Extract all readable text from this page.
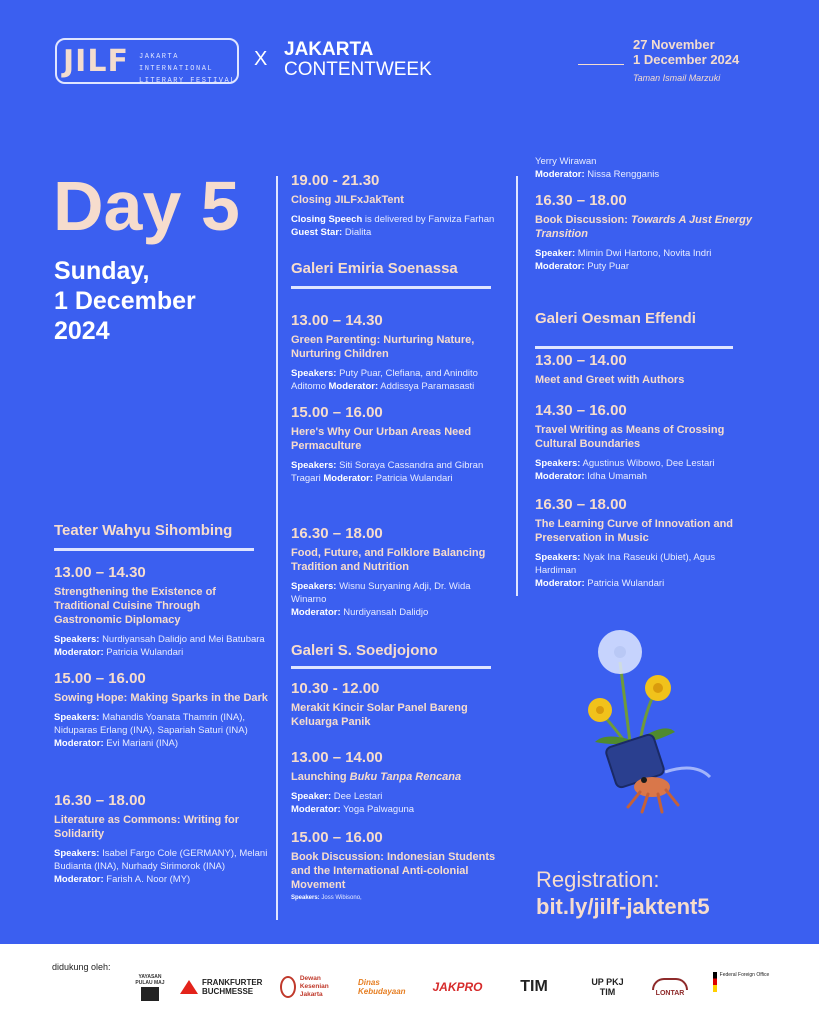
JILF JAKARTA INTERNATIONAL
LITERARY FESTIVAL
X JAKARTA
CONTENTWEEK
27 November
1 December 2024
Taman Ismail Marzuki
Day 5
Sunday,
1 December
2024
Teater Wahyu Sihombing
13.00 – 14.30
Strengthening the Existence of Traditional Cuisine Through Gastronomic Diplomacy
Speakers: Nurdiyansah Dalidjo and Mei Batubara Moderator: Patricia Wulandari
15.00 – 16.00
Sowing Hope: Making Sparks in the Dark
Speakers: Mahandis Yoanata Thamrin (INA), Niduparas Erlang (INA), Sapariah Saturi (INA) Moderator: Evi Mariani (INA)
16.30 – 18.00
Literature as Commons: Writing for Solidarity
Speakers: Isabel Fargo Cole (GERMANY), Melani Budianta (INA), Nurhady Sirimorok (INA) Moderator: Farish A. Noor (MY)
19.00 - 21.30
Closing JILFxJakTent
Closing Speech is delivered by Farwiza Farhan Guest Star: Dialita
Galeri Emiria Soenassa
13.00 – 14.30
Green Parenting: Nurturing Nature, Nurturing Children
Speakers: Puty Puar, Clefiana, and Anindito Aditomo Moderator: Addissya Paramasasti
15.00 – 16.00
Here's Why Our Urban Areas Need Permaculture
Speakers: Siti Soraya Cassandra and Gibran Tragari Moderator: Patricia Wulandari
16.30 – 18.00
Food, Future, and Folklore Balancing Tradition and Nutrition
Speakers: Wisnu Suryaning Adji, Dr. Wida Winarno
Moderator: Nurdiyansah Dalidjo
Galeri S. Soedjojono
10.30 - 12.00
Merakit Kincir Solar Panel Bareng Keluarga Panik
13.00 – 14.00
Launching Buku Tanpa Rencana
Speaker: Dee Lestari
Moderator: Yoga Palwaguna
15.00 – 16.00
Book Discussion: Indonesian Students and the International Anti-colonial Movement
Speakers: Joss Wibisono,
Yerry Wirawan
Moderator: Nissa Rengganis
16.30 – 18.00
Book Discussion: Towards A Just Energy Transition
Speaker: Mimin Dwi Hartono, Novita Indri
Moderator: Puty Puar
Galeri Oesman Effendi
13.00 – 14.00
Meet and Greet with Authors
14.30 – 16.00
Travel Writing as Means of Crossing Cultural Boundaries
Speakers: Agustinus Wibowo, Dee Lestari
Moderator: Idha Umamah
16.30 – 18.00
The Learning Curve of Innovation and Preservation in Music
Speakers: Nyak Ina Raseuki (Ubiet), Agus Hardiman
Moderator: Patricia Wulandari
Registration:
bit.ly/jilf-jaktent5
didukung oleh:
YAYASAN PULAU MAJ	FRANKFURTER BUCHMESSE
Dewan Kesenian Jakarta
Dinas Kebudayaan	JAKPRO TIM	UP PKJ TIM	LONTAR
Federal Foreign Office
